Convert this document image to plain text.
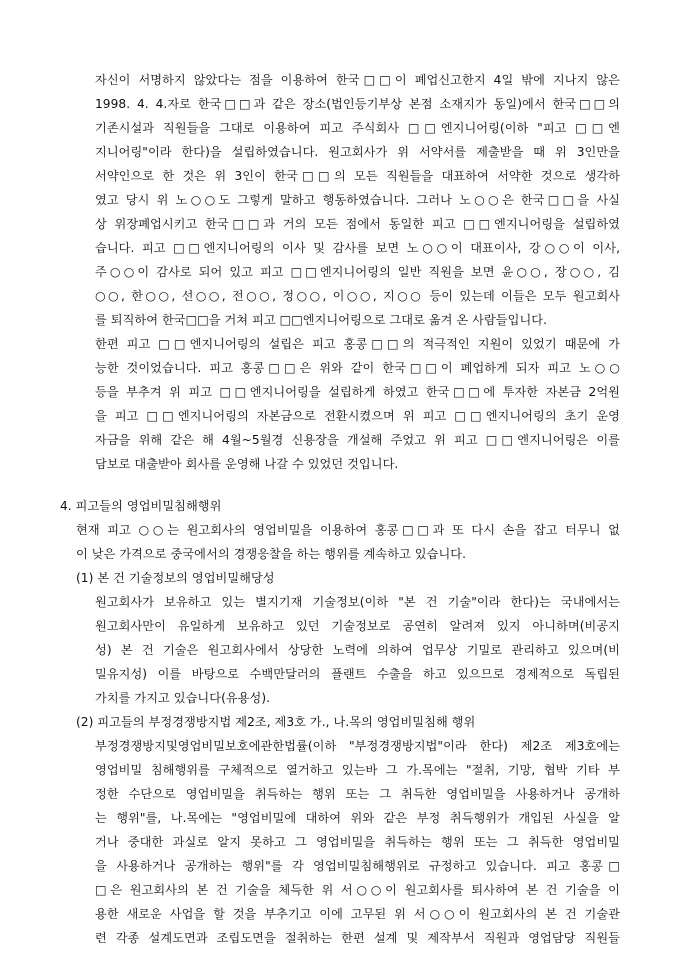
자신이 서명하지 않았다는 점을 이용하여 한국□□이 폐업신고한지 4일 밖에 지나지 않은
1998. 4. 4.자로 한국□□과 같은 장소(법인등기부상 본점 소재지가 동일)에서 한국□□의
기존시설과 직원들을 그대로 이용하여 피고 주식회사 □□엔지니어링(이하 "피고 □□엔
지니어링"이라 한다)을 설립하였습니다. 원고회사가 위 서약서를 제출받을 때 위 3인만을
서약인으로 한 것은 위 3인이 한국□□의 모든 직원들을 대표하여 서약한 것으로 생각하
였고 당시 위 노○○도 그렇게 말하고 행동하였습니다. 그러나 노○○은 한국□□을 사실
상 위장폐업시키고 한국□□과 거의 모든 점에서 동일한 피고 □□엔지니어링을 설립하였
습니다. 피고 □□엔지니어링의 이사 및 감사를 보면 노○○이 대표이사, 강○○이 이사,
주○○이 감사로 되어 있고 피고 □□엔지니어링의 일반 직원을 보면 윤○○, 장○○, 김
○○, 한○○, 선○○, 전○○, 정○○, 이○○, 지○○ 등이 있는데 이들은 모두 원고회사
를 퇴직하여 한국□□을 거쳐 피고 □□엔지니어링으로 그대로 옮겨 온 사람들입니다.
한편 피고 □□엔지니어링의 설립은 피고 홍콩□□의 적극적인 지원이 있었기 때문에 가
능한 것이었습니다. 피고 홍콩□□은 위와 같이 한국□□이 폐업하게 되자 피고 노○○
등을 부추겨 위 피고 □□엔지니어링을 설립하게 하였고 한국□□에 투자한 자본금 2억원
을 피고 □□엔지니어링의 자본금으로 전환시켰으며 위 피고 □□엔지니어링의 초기 운영
자금을 위해 같은 해 4월~5월경 신용장을 개설해 주었고 위 피고 □□엔지니어링은 이를
담보로 대출받아 회사를 운영해 나갈 수 있었던 것입니다.
4. 피고들의 영업비밀침해행위
현재 피고 ○○는 원고회사의 영업비밀을 이용하여 홍콩□□과 또 다시 손을 잡고 터무니 없
이 낮은 가격으로 중국에서의 경쟁응찰을 하는 행위를 계속하고 있습니다.
(1) 본 건 기술정보의 영업비밀해당성
원고회사가 보유하고 있는 별지기재 기술정보(이하 "본 건 기술"이라 한다)는 국내에서는
원고회사만이 유일하게 보유하고 있던 기술정보로 공연히 알려져 있지 아니하며(비공지
성) 본 건 기술은 원고회사에서 상당한 노력에 의하여 업무상 기밀로 관리하고 있으며(비
밀유지성) 이를 바탕으로 수백만달러의 플랜트 수출을 하고 있으므로 경제적으로 독립된
가치를 가지고 있습니다(유용성).
(2) 피고들의 부정경쟁방지법 제2조, 제3호 가., 나.목의 영업비밀침해 행위
부정경쟁방지및영업비밀보호에관한법률(이하 "부정경쟁방지법"이라 한다) 제2조 제3호에는
영업비밀 침해행위를 구체적으로 열거하고 있는바 그 가.목에는 "절취, 기망, 협박 기타 부
정한 수단으로 영업비밀을 취득하는 행위 또는 그 취득한 영업비밀을 사용하거나 공개하
는 행위"를, 나.목에는 "영업비밀에 대하여 위와 같은 부정 취득행위가 개입된 사실을 알
거나 중대한 과실로 알지 못하고 그 영업비밀을 취득하는 행위 또는 그 취득한 영업비밀
을 사용하거나 공개하는 행위"를 각 영업비밀침해행위로 규정하고 있습니다. 피고 홍콩□
□은 원고회사의 본 건 기술을 체득한 위 서○○이 원고회사를 퇴사하여 본 건 기술을 이
용한 새로운 사업을 할 것을 부추기고 이에 고무된 위 서○○이 원고회사의 본 건 기술관
련 각종 설계도면과 조립도면을 절취하는 한편 설계 및 제작부서 직원과 영업담당 직원들
